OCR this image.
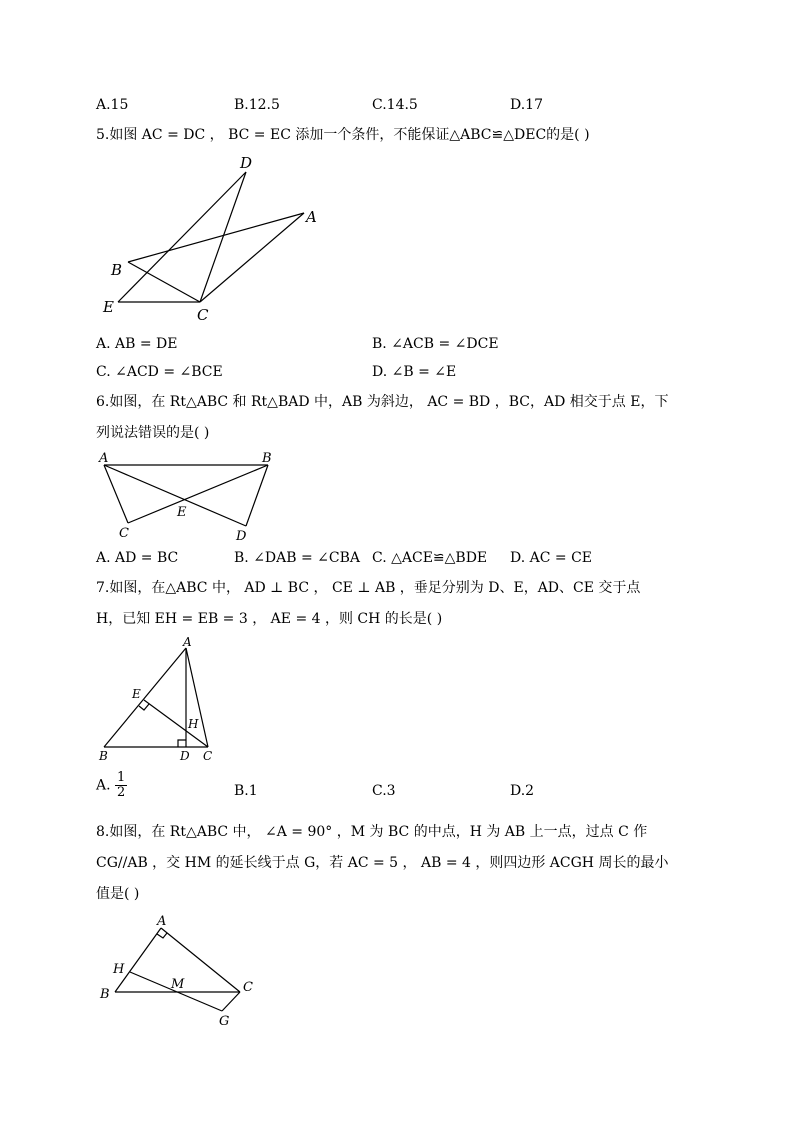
A.15	B.12.5	C.14.5	D.17
5.如图 AC = DC ， BC = EC 添加一个条件，不能保证△ABC≌△DEC的是( )
D
A
B
E	C
A. AB = DE	B. ∠ACB = ∠DCE
C. ∠ACD = ∠BCE	D. ∠B = ∠E
6.如图，在 Rt△ABC 和 Rt△BAD 中，AB 为斜边， AC = BD ，BC，AD 相交于点 E，下
列说法错误的是( )
A	B
E
C	D
A. AD = BC	B. ∠DAB = ∠CBA C. △ACE≌△BDE D. AC = CE
7.如图，在△ABC 中， AD ⊥ BC ， CE ⊥ AB ，垂足分别为 D、E，AD、CE 交于点
H，已知 EH = EB = 3 ， AE = 4 ，则 CH 的长是( )
A
E
H
B	D C
A. $\frac{1}{2}$	B.1	C.3	D.2
8.如图，在 Rt△ABC 中， ∠A = 90° ，M 为 BC 的中点，H 为 AB 上一点，过点 C 作
CG//AB ，交 HM 的延长线于点 G，若 AC = 5 ， AB = 4 ，则四边形 ACGH 周长的最小
值是( )
A
H
M	C
B
G
